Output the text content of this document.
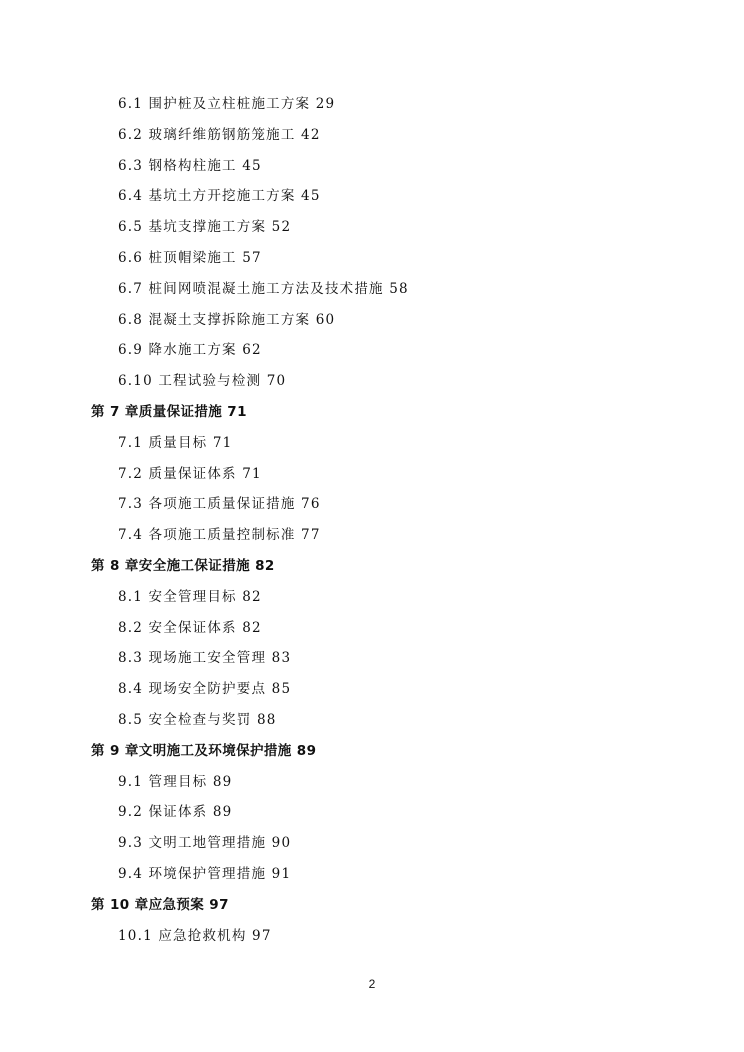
6.1 围护桩及立柱桩施工方案 29
6.2 玻璃纤维筋钢筋笼施工 42
6.3 钢格构柱施工 45
6.4 基坑土方开挖施工方案 45
6.5 基坑支撑施工方案 52
6.6 桩顶帽梁施工 57
6.7 桩间网喷混凝土施工方法及技术措施 58
6.8 混凝土支撑拆除施工方案 60
6.9 降水施工方案 62
6.10 工程试验与检测 70
第 7 章质量保证措施 71
7.1 质量目标 71
7.2 质量保证体系 71
7.3 各项施工质量保证措施 76
7.4 各项施工质量控制标准 77
第 8 章安全施工保证措施 82
8.1 安全管理目标 82
8.2 安全保证体系 82
8.3 现场施工安全管理 83
8.4 现场安全防护要点 85
8.5 安全检查与奖罚 88
第 9 章文明施工及环境保护措施 89
9.1 管理目标 89
9.2 保证体系 89
9.3 文明工地管理措施 90
9.4 环境保护管理措施 91
第 10 章应急预案 97
10.1 应急抢救机构 97
2
